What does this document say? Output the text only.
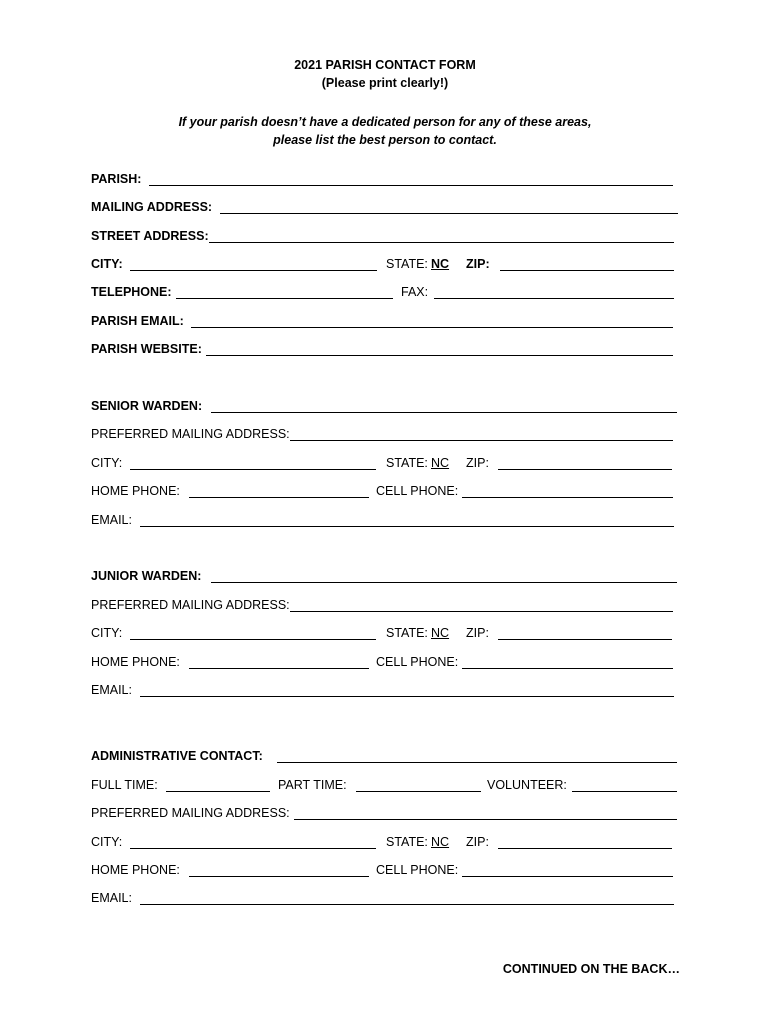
2021 PARISH CONTACT FORM
(Please print clearly!)
If your parish doesn’t have a dedicated person for any of these areas,
please list the best person to contact.
PARISH:
MAILING ADDRESS:
STREET ADDRESS:
CITY:	STATE: NC ZIP:
TELEPHONE:	FAX:
PARISH EMAIL:
PARISH WEBSITE:
SENIOR WARDEN:
PREFERRED MAILING ADDRESS:
CITY:	STATE: NC ZIP:
HOME PHONE:	CELL PHONE:
EMAIL:
JUNIOR WARDEN:
PREFERRED MAILING ADDRESS:
CITY:	STATE: NC ZIP:
HOME PHONE:	CELL PHONE:
EMAIL:
ADMINISTRATIVE CONTACT:
FULL TIME:	PART TIME:	VOLUNTEER:
PREFERRED MAILING ADDRESS:
CITY:	STATE: NC ZIP:
HOME PHONE:	CELL PHONE:
EMAIL:
CONTINUED ON THE BACK…
